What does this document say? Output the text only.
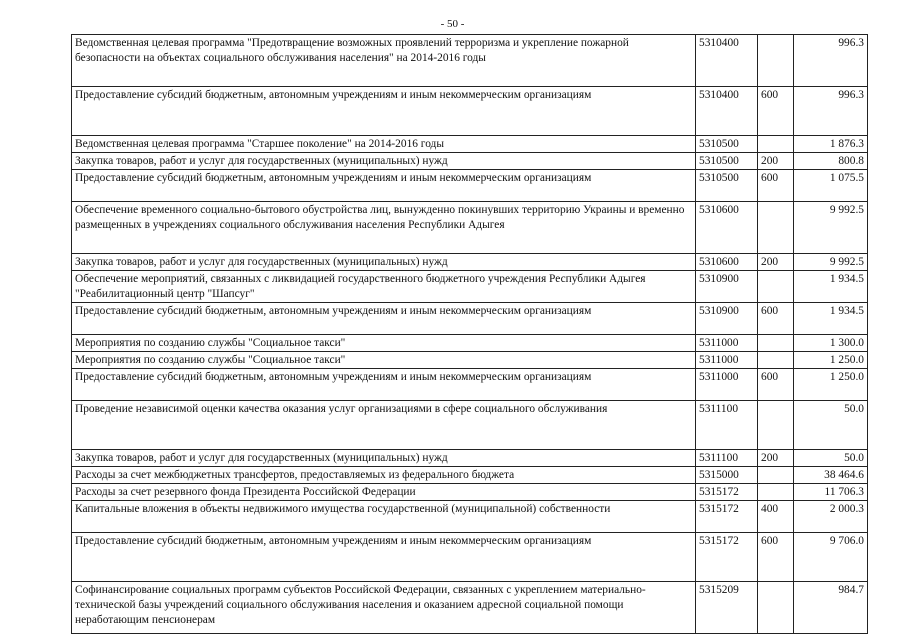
- 50 -
Ведомственная целевая программа "Предотвращение возможных проявлений терроризма и укрепление пожарной безопасности на объектах социального обслуживания населения" на 2014-2016 годы	5310400		996.3
Предоставление субсидий бюджетным, автономным учреждениям и иным некоммерческим организациям	5310400	600	996.3
Ведомственная целевая программа "Старшее поколение" на 2014-2016 годы	5310500		1 876.3
Закупка товаров, работ и услуг для государственных (муниципальных) нужд	5310500	200	800.8
Предоставление субсидий бюджетным, автономным учреждениям и иным некоммерческим организациям	5310500	600	1 075.5
Обеспечение временного социально-бытового обустройства лиц, вынужденно покинувших территорию Украины и временно размещенных в учреждениях социального обслуживания населения Республики Адыгея	5310600		9 992.5
Закупка товаров, работ и услуг для государственных (муниципальных) нужд	5310600	200	9 992.5
Обеспечение мероприятий, связанных с ликвидацией государственного бюджетного учреждения Республики Адыгея "Реабилитационный центр "Шапсуг"	5310900		1 934.5
Предоставление субсидий бюджетным, автономным учреждениям и иным некоммерческим организациям	5310900	600	1 934.5
Мероприятия по созданию службы "Социальное такси"	5311000		1 300.0
Мероприятия по созданию службы "Социальное такси"	5311000		1 250.0
Предоставление субсидий бюджетным, автономным учреждениям и иным некоммерческим организациям	5311000	600	1 250.0
Проведение независимой оценки качества оказания услуг организациями в сфере социального обслуживания	5311100		50.0
Закупка товаров, работ и услуг для государственных (муниципальных) нужд	5311100	200	50.0
Расходы за счет межбюджетных трансфертов, предоставляемых из федерального бюджета	5315000		38 464.6
Расходы за счет резервного фонда Президента Российской Федерации	5315172		11 706.3
Капитальные вложения в объекты недвижимого имущества государственной (муниципальной) собственности	5315172	400	2 000.3
Предоставление субсидий бюджетным, автономным учреждениям и иным некоммерческим организациям	5315172	600	9 706.0
Софинансирование социальных программ субъектов Российской Федерации, связанных с укреплением материально-технической базы учреждений социального обслуживания населения и оказанием адресной социальной помощи неработающим пенсионерам	5315209		984.7
